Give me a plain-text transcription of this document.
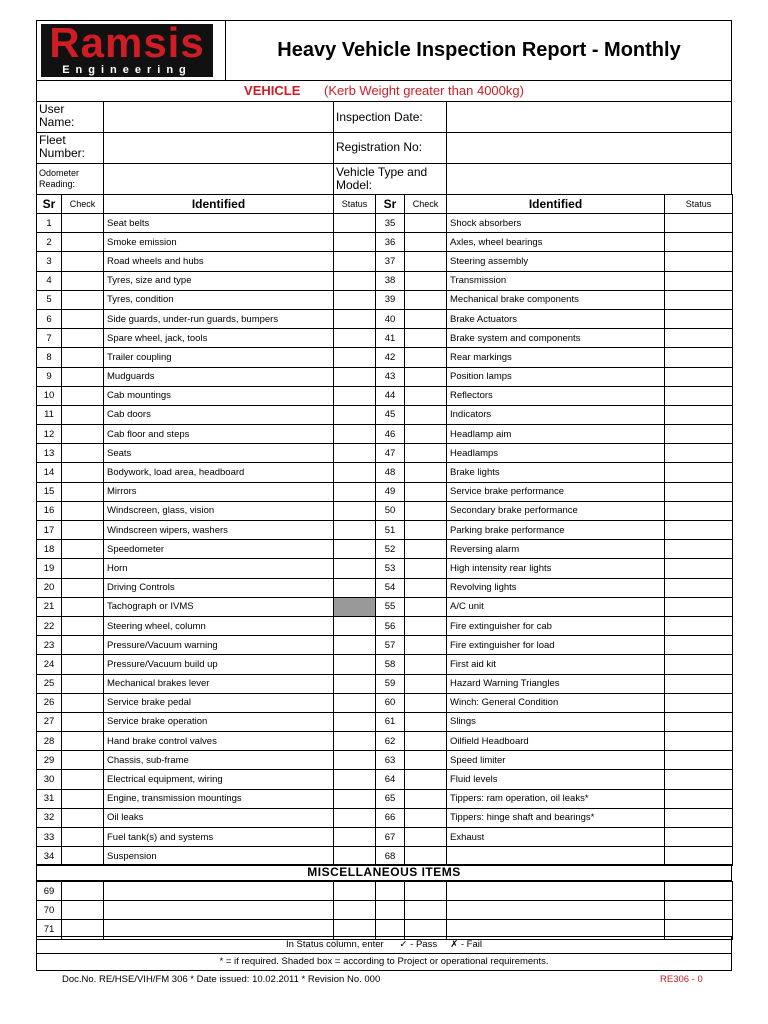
Ramsis
Engineering
Heavy Vehicle Inspection Report - Monthly
VEHICLE (Kerb Weight greater than 4000kg)
User Name:
Fleet Number:
Odometer Reading:
Inspection Date:
Registration No:
Vehicle Type and Model:
Sr	Check	Identified	Status	Sr	Check	Identified	Status
1		Seat belts		35		Shock absorbers	
2		Smoke emission		36		Axles, wheel bearings	
3		Road wheels and hubs		37		Steering assembly	
4		Tyres, size and type		38		Transmission	
5		Tyres, condition		39		Mechanical brake components	
6		Side guards, under-run guards, bumpers		40		Brake Actuators	
7		Spare wheel, jack, tools		41		Brake system and components	
8		Trailer coupling		42		Rear markings	
9		Mudguards		43		Position lamps	
10		Cab mountings		44		Reflectors	
11		Cab doors		45		Indicators	
12		Cab floor and steps		46		Headlamp aim	
13		Seats		47		Headlamps	
14		Bodywork, load area, headboard		48		Brake lights	
15		Mirrors		49		Service brake performance	
16		Windscreen, glass, vision		50		Secondary brake performance	
17		Windscreen wipers, washers		51		Parking brake performance	
18		Speedometer		52		Reversing alarm	
19		Horn		53		High intensity rear lights	
20		Driving Controls		54		Revolving lights	
21		Tachograph or IVMS		55		A/C unit	
22		Steering wheel, column		56		Fire extinguisher for cab	
23		Pressure/Vacuum warning		57		Fire extinguisher for load	
24		Pressure/Vacuum build up		58		First aid kit	
25		Mechanical brakes lever		59		Hazard Warning Triangles	
26		Service brake pedal		60		Winch: General Condition	
27		Service brake operation		61		Slings	
28		Hand brake control valves		62		Oilfield Headboard	
29		Chassis, sub-frame		63		Speed limiter	
30		Electrical equipment, wiring		64		Fluid levels	
31		Engine, transmission mountings		65		Tippers: ram operation, oil leaks*	
32		Oil leaks		66		Tippers: hinge shaft and bearings*	
33		Fuel tank(s) and systems		67		Exhaust	
34		Suspension		68			
MISCELLANEOUS ITEMS
69							
70							
71							
In Status column, enter ✓ - Pass ✗ - Fail
* = if required. Shaded box = according to Project or operational requirements.
Doc.No. RE/HSE/VIH/FM 306 * Date issued: 10.02.2011 * Revision No. 000	RE306 - 0
